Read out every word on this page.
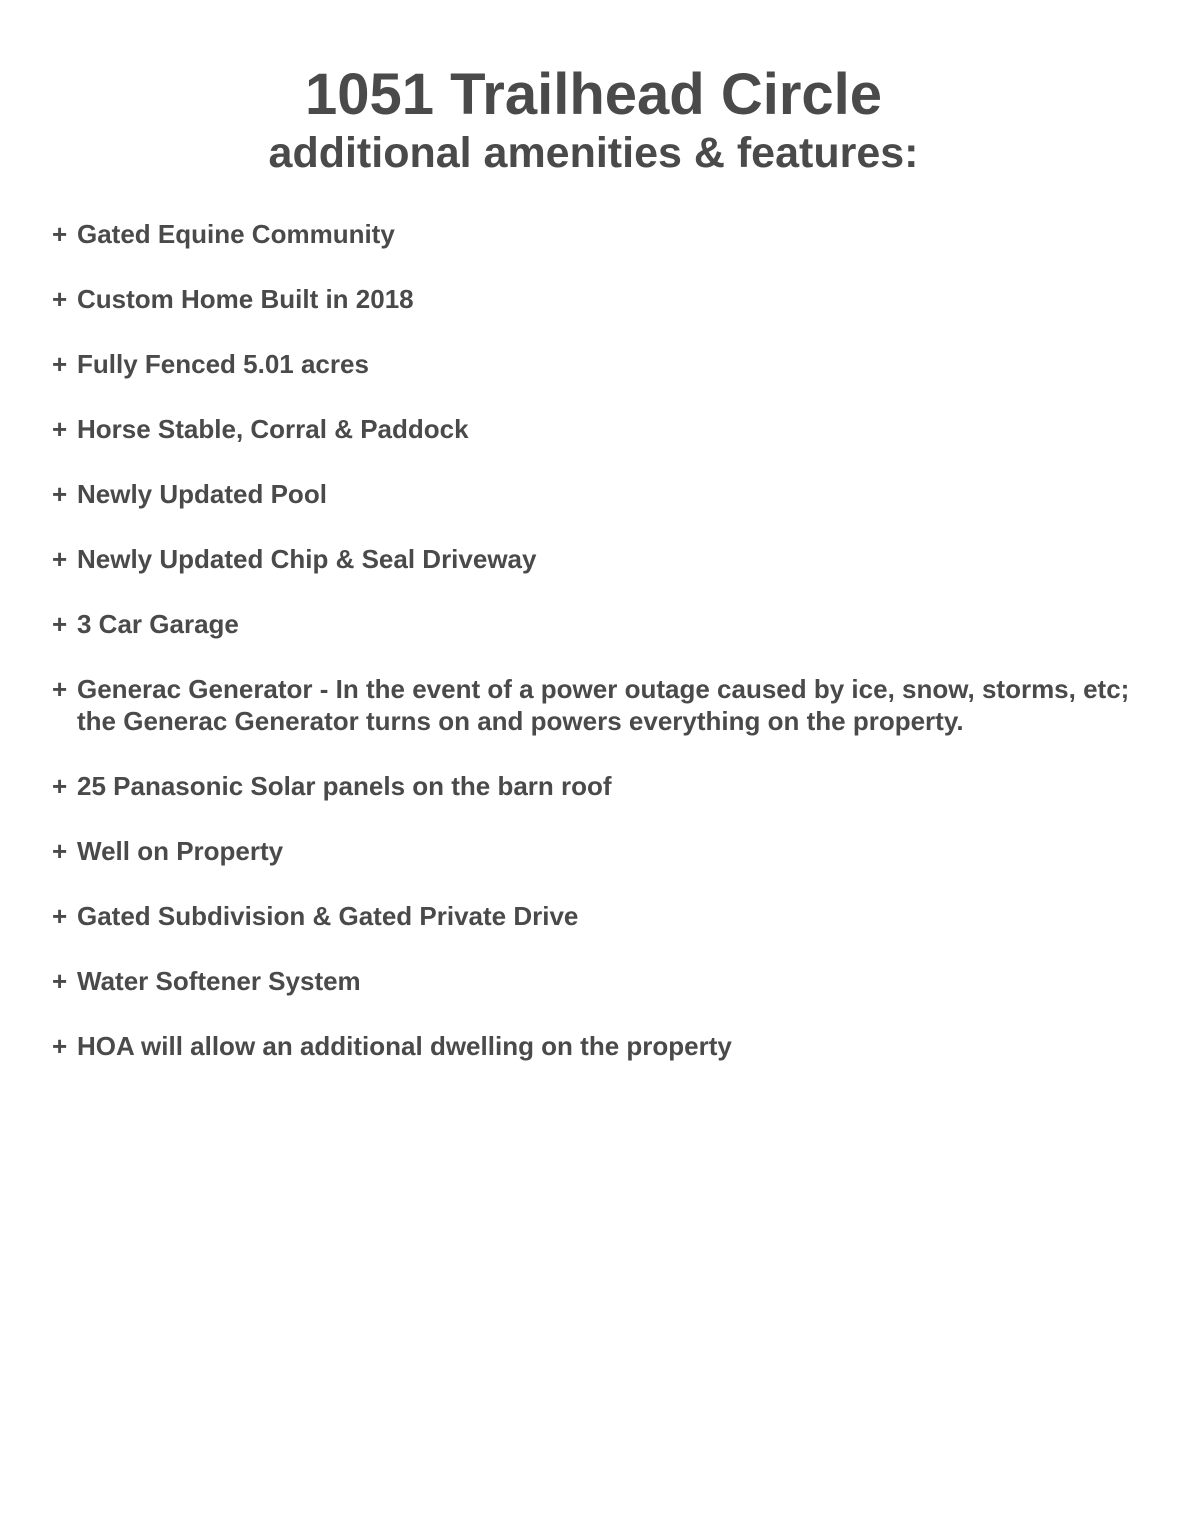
1051 Trailhead Circle
additional amenities & features:
+ Gated Equine Community
+ Custom Home Built in 2018
+ Fully Fenced 5.01 acres
+ Horse Stable, Corral & Paddock
+ Newly Updated Pool
+ Newly Updated Chip & Seal Driveway
+ 3 Car Garage
+ Generac Generator - In the event of a power outage caused by ice, snow, storms, etc; the Generac Generator turns on and powers everything on the property.
+ 25 Panasonic Solar panels on the barn roof
+ Well on Property
+ Gated Subdivision & Gated Private Drive
+ Water Softener System
+ HOA will allow an additional dwelling on the property
